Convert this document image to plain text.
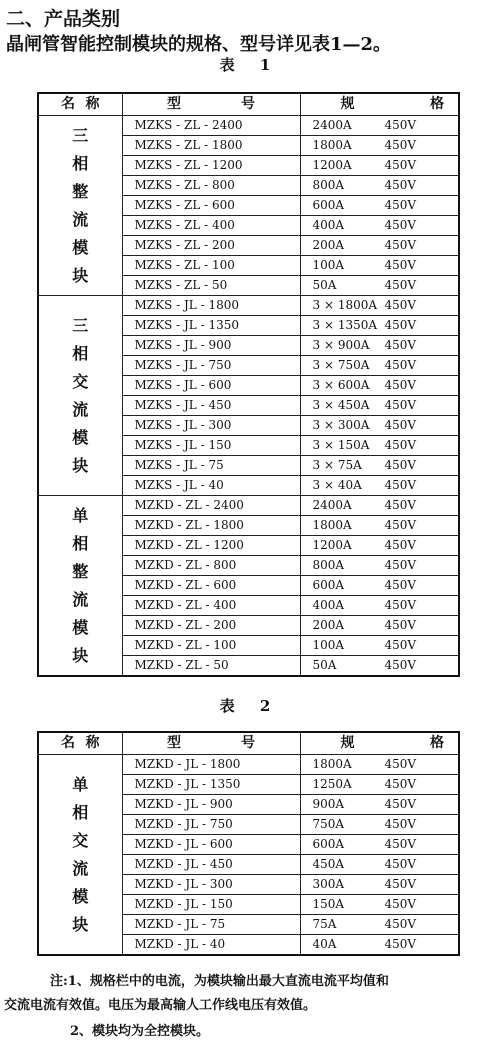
二、产品类别
晶闸管智能控制模块的规格、型号详见表1—2。
表 1
名 称	型 号	规 格

三相整流模块	MZKS - ZL - 2400	2400A 450V
	MZKS - ZL - 1800	1800A 450V
	MZKS - ZL - 1200	1200A 450V
	MZKS - ZL - 800	800A 450V
	MZKS - ZL - 600	600A 450V
	MZKS - ZL - 400	400A 450V
	MZKS - ZL - 200	200A 450V
	MZKS - ZL - 100	100A 450V
	MZKS - ZL - 50	50A 450V
三相交流模块	MZKS - JL - 1800	3 × 1800A 450V
	MZKS - JL - 1350	3 × 1350A 450V
	MZKS - JL - 900	3 × 900A 450V
	MZKS - JL - 750	3 × 750A 450V
	MZKS - JL - 600	3 × 600A 450V
	MZKS - JL - 450	3 × 450A 450V
	MZKS - JL - 300	3 × 300A 450V
	MZKS - JL - 150	3 × 150A 450V
	MZKS - JL - 75	3 × 75A 450V
	MZKS - JL - 40	3 × 40A 450V
单相整流模块	MZKD - ZL - 2400	2400A 450V
	MZKD - ZL - 1800	1800A 450V
	MZKD - ZL - 1200	1200A 450V
	MZKD - ZL - 800	800A 450V
	MZKD - ZL - 600	600A 450V
	MZKD - ZL - 400	400A 450V
	MZKD - ZL - 200	200A 450V
	MZKD - ZL - 100	100A 450V
	MZKD - ZL - 50	50A 450V
表 2
名 称	型 号	规 格

单相交流模块	MZKD - JL - 1800	1800A 450V
	MZKD - JL - 1350	1250A 450V
	MZKD - JL - 900	900A 450V
	MZKD - JL - 750	750A 450V
	MZKD - JL - 600	600A 450V
	MZKD - JL - 450	450A 450V
	MZKD - JL - 300	300A 450V
	MZKD - JL - 150	150A 450V
	MZKD - JL - 75	75A 450V
	MZKD - JL - 40	40A 450V
注:1、规格栏中的电流，为模块输出最大直流电流平均值和
交流电流有效值。电压为最高输人工作线电压有效值。
2、模块均为全控模块。
